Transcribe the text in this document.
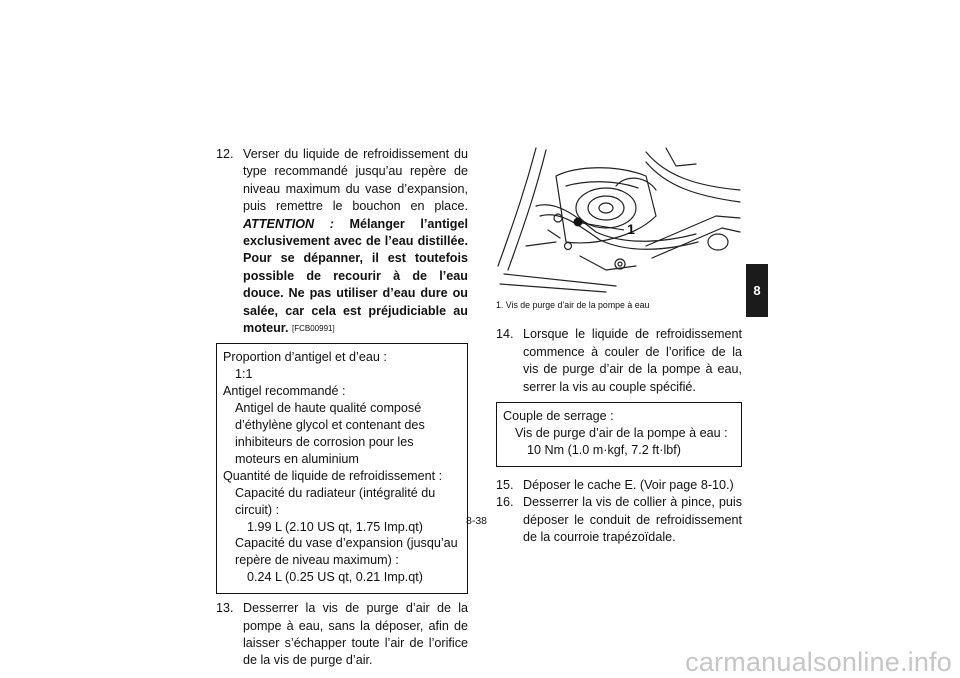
12. Verser du liquide de refroidissement du type recommandé jusqu’au repère de niveau maximum du vase d’expansion, puis remettre le bouchon en place. ATTENTION : Mélanger l’antigel exclusivement avec de l’eau distillée. Pour se dépanner, il est toutefois possible de recourir à de l’eau douce. Ne pas utiliser d’eau dure ou salée, car cela est préjudiciable au moteur. [FCB00991]
Proportion d’antigel et d’eau :
1:1
Antigel recommandé :
Antigel de haute qualité composé d’éthylène glycol et contenant des inhibiteurs de corrosion pour les moteurs en aluminium
Quantité de liquide de refroidissement :
Capacité du radiateur (intégralité du circuit) :
1.99 L (2.10 US qt, 1.75 Imp.qt)
Capacité du vase d’expansion (jusqu’au repère de niveau maximum) :
0.24 L (0.25 US qt, 0.21 Imp.qt)
13. Desserrer la vis de purge d’air de la pompe à eau, sans la déposer, afin de laisser s’échapper toute l’air de l’orifice de la vis de purge d’air.
1
1. Vis de purge d’air de la pompe à eau
14. Lorsque le liquide de refroidissement commence à couler de l’orifice de la vis de purge d’air de la pompe à eau, serrer la vis au couple spécifié.
Couple de serrage :
Vis de purge d’air de la pompe à eau :
10 Nm (1.0 m·kgf, 7.2 ft·lbf)
15. Déposer le cache E. (Voir page 8-10.)
16. Desserrer la vis de collier à pince, puis déposer le conduit de refroidissement de la courroie trapézoïdale.
8
8-38
carmanualsonline.info
